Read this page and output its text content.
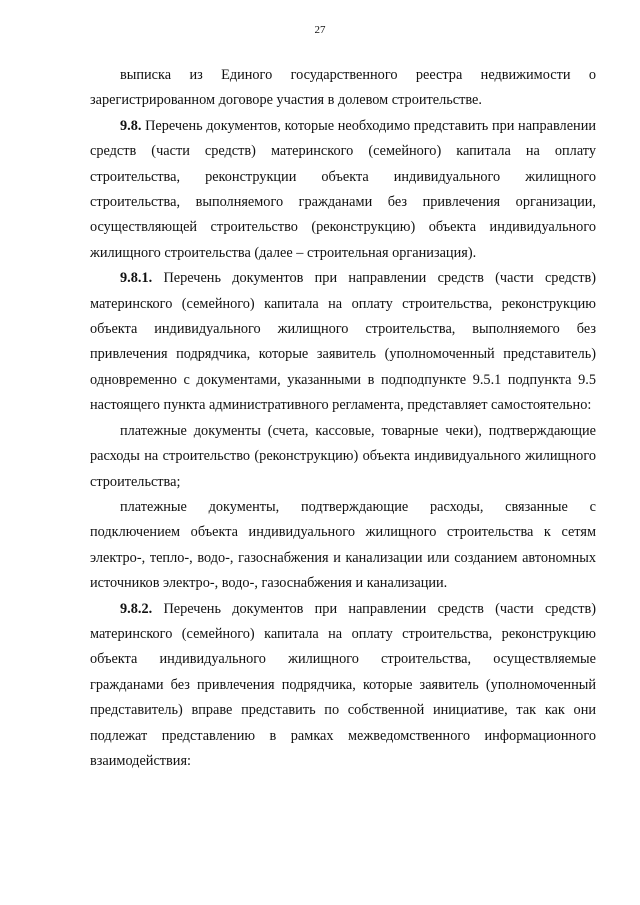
27

выписка из Единого государственного реестра недвижимости о зарегистрированном договоре участия в долевом строительстве.

9.8. Перечень документов, которые необходимо представить при направлении средств (части средств) материнского (семейного) капитала на оплату строительства, реконструкции объекта индивидуального жилищного строительства, выполняемого гражданами без привлечения организации, осуществляющей строительство (реконструкцию) объекта индивидуального жилищного строительства (далее – строительная организация).

9.8.1. Перечень документов при направлении средств (части средств) материнского (семейного) капитала на оплату строительства, реконструкцию объекта индивидуального жилищного строительства, выполняемого без привлечения подрядчика, которые заявитель (уполномоченный представитель) одновременно с документами, указанными в подподпункте 9.5.1 подпункта 9.5 настоящего пункта административного регламента, представляет самостоятельно:

платежные документы (счета, кассовые, товарные чеки), подтверждающие расходы на строительство (реконструкцию) объекта индивидуального жилищного строительства;

платежные документы, подтверждающие расходы, связанные с подключением объекта индивидуального жилищного строительства к сетям электро-, тепло-, водо-, газоснабжения и канализации или созданием автономных источников электро-, водо-, газоснабжения и канализации.

9.8.2. Перечень документов при направлении средств (части средств) материнского (семейного) капитала на оплату строительства, реконструкцию объекта индивидуального жилищного строительства, осуществляемые гражданами без привлечения подрядчика, которые заявитель (уполномоченный представитель) вправе представить по собственной инициативе, так как они подлежат представлению в рамках межведомственного информационного взаимодействия:
